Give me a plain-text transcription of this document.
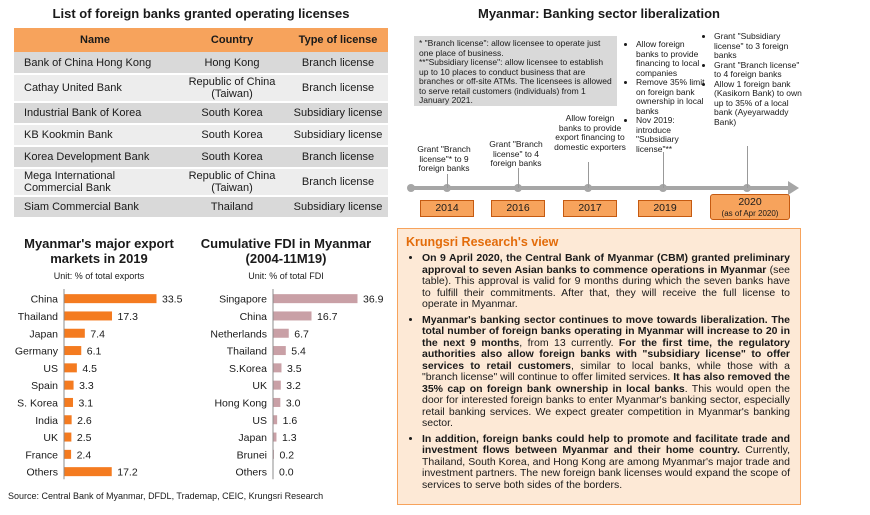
List of foreign banks granted operating licenses
Name	Country	Type of license
Bank of China Hong Kong	Hong Kong	Branch license
Cathay United Bank	Republic of China (Taiwan)	Branch license
Industrial Bank of Korea	South Korea	Subsidiary license
KB Kookmin Bank	South Korea	Subsidiary license
Korea Development Bank	South Korea	Branch license
Mega International Commercial Bank	Republic of China (Taiwan)	Branch license
Siam Commercial Bank	Thailand	Subsidiary license
Myanmar: Banking sector liberalization
* "Branch license": allow licensee to operate just one place of business.
**"Subsidiary license": allow licensee to establish up to 10 places to conduct business that are branches or off-site ATMs. The licensees is allowed to serve retail customers (individuals) from 1 January 2021.
Grant "Branch license"* to 9 foreign banks
Grant "Branch license" to 4 foreign banks
Allow foreign banks to provide export financing to domestic exporters
• Allow foreign banks to provide financing to local companies
• Remove 35% limit on foreign bank ownership in local banks
• Nov 2019: introduce "Subsidiary license"**
• Grant "Subsidiary license" to 3 foreign banks
• Grant "Branch license" to 4 foreign banks
• Allow 1 foreign bank (Kasikorn Bank) to own up to 35% of a local bank (Ayeyarwaddy Bank)
2014	2016	2017	2019	2020
(as of Apr 2020)
Myanmar's major export markets in 2019
Unit: % of total exports
China	33.5
Thailand	17.3
Japan	7.4
Germany	6.1
US 4.5
Spain 3.3
S. Korea 3.1
India 2.6
UK 2.5
France 2.4
Others	17.2
Cumulative FDI in Myanmar (2004-11M19)
Unit: % of total FDI
Singapore	36.9
China	16.7
Netherlands	6.7
Thailand 5.4
S.Korea 3.5
UK 3.2
Hong Kong 3.0
US 1.6
Japan 1.3
Brunei 0.2
Others 0.0
Source: Central Bank of Myanmar, DFDL, Trademap, CEIC, Krungsri Research
Krungsri Research's view
• On 9 April 2020, the Central Bank of Myanmar (CBM) granted preliminary approval to seven Asian banks to commence operations in Myanmar (see table). This approval is valid for 9 months during which the seven banks have to fulfill their commitments. After that, they will receive the full license to operate in Myanmar.
• Myanmar's banking sector continues to move towards liberalization. The total number of foreign banks operating in Myanmar will increase to 20 in the next 9 months, from 13 currently. For the first time, the regulatory authorities also allow foreign banks with "subsidiary license" to offer services to retail customers, similar to local banks, while those with a "branch license" will continue to offer limited services. It has also removed the 35% cap on foreign bank ownership in local banks. This would open the door for interested foreign banks to enter Myanmar's banking sector, especially retail banking services. We expect greater competition in Myanmar's banking sector.
• In addition, foreign banks could help to promote and facilitate trade and investment flows between Myanmar and their home country. Currently, Thailand, South Korea, and Hong Kong are among Myanmar's major trade and investment partners. The new foreign bank licenses would expand the scope of services to serve both sides of the borders.
